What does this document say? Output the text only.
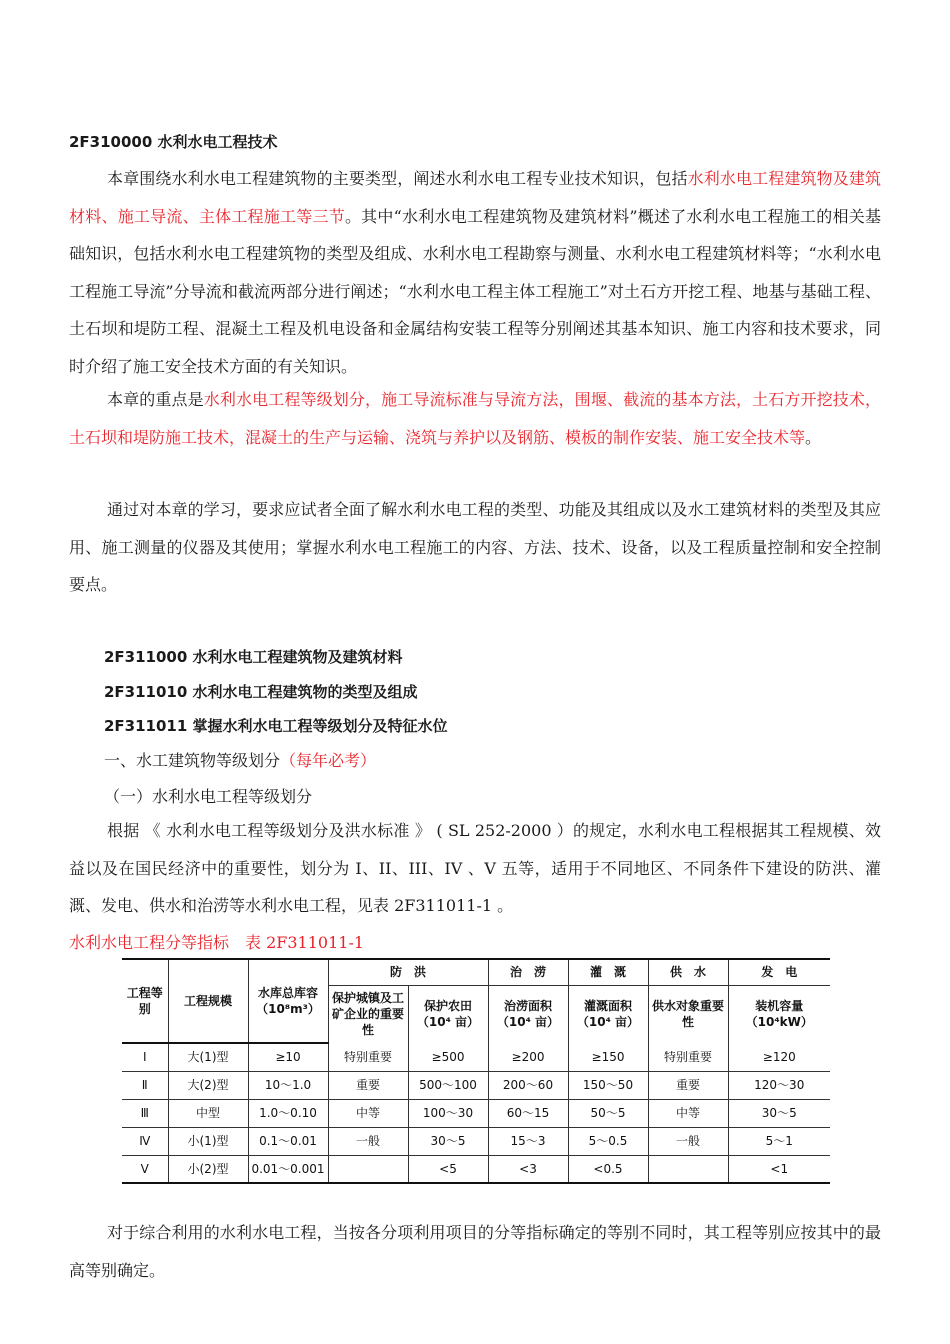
2F310000 水利水电工程技术
本章围绕水利水电工程建筑物的主要类型，阐述水利水电工程专业技术知识，包括水利水电工程建筑物及建筑材料、施工导流、主体工程施工等三节。其中“水利水电工程建筑物及建筑材料”概述了水利水电工程施工的相关基础知识，包括水利水电工程建筑物的类型及组成、水利水电工程勘察与测量、水利水电工程建筑材料等；“水利水电工程施工导流”分导流和截流两部分进行阐述；“水利水电工程主体工程施工”对土石方开挖工程、地基与基础工程、土石坝和堤防工程、混凝土工程及机电设备和金属结构安装工程等分别阐述其基本知识、施工内容和技术要求，同时介绍了施工安全技术方面的有关知识。
本章的重点是水利水电工程等级划分，施工导流标准与导流方法，围堰、截流的基本方法，土石方开挖技术，土石坝和堤防施工技术，混凝土的生产与运输、浇筑与养护以及钢筋、模板的制作安装、施工安全技术等。
通过对本章的学习，要求应试者全面了解水利水电工程的类型、功能及其组成以及水工建筑材料的类型及其应用、施工测量的仪器及其使用；掌握水利水电工程施工的内容、方法、技术、设备，以及工程质量控制和安全控制要点。
2F311000 水利水电工程建筑物及建筑材料
2F311010 水利水电工程建筑物的类型及组成
2F311011 掌握水利水电工程等级划分及特征水位
一、水工建筑物等级划分（每年必考）
（一）水利水电工程等级划分
根据 《 水利水电工程等级划分及洪水标准 》 ( SL 252-2000 ）的规定，水利水电工程根据其工程规模、效益以及在国民经济中的重要性，划分为 I、II、III、IV 、V 五等，适用于不同地区、不同条件下建设的防洪、灌溉、发电、供水和治涝等水利水电工程，见表 2F311011-1 。
水利水电工程分等指标　表 2F311011-1
工程等别	工程规模	水库总库容（10⁸m³）	防　洪		治　涝	灌　溉	供　水	发　电
			保护城镇及工矿企业的重要性	保护农田（10⁴ 亩）	治涝面积（10⁴ 亩）	灌溉面积（10⁴ 亩）	供水对象重要性	装机容量（10⁴kW）
Ⅰ	大(1)型	≥10	特别重要	≥500	≥200	≥150	特别重要	≥120
Ⅱ	大(2)型	10～1.0	重要	500～100	200～60	150～50	重要	120～30
Ⅲ	中型	1.0～0.10	中等	100～30	60～15	50～5	中等	30～5
Ⅳ	小(1)型	0.1～0.01	一般	30～5	15～3	5～0.5	一般	5～1
Ⅴ	小(2)型	0.01～0.001		<5	<3	<0.5		<1
对于综合利用的水利水电工程，当按各分项利用项目的分等指标确定的等别不同时，其工程等别应按其中的最高等别确定。
